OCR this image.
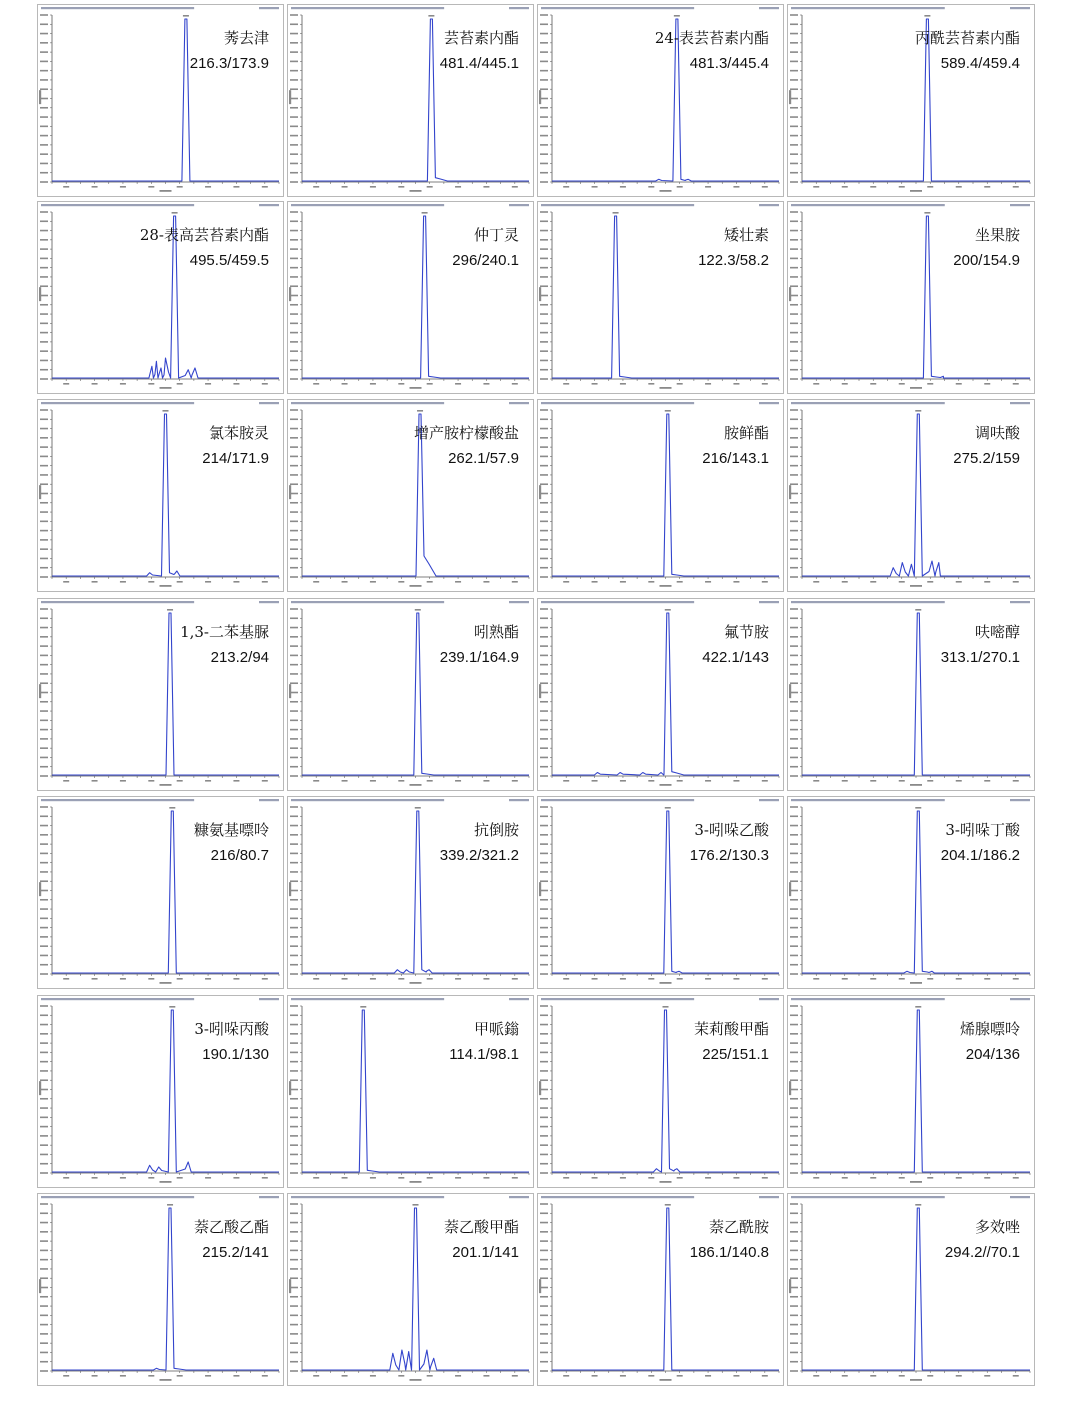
莠去津
216.3/173.9
芸苔素内酯
481.4/445.1
24-表芸苔素内酯
481.3/445.4
丙酰芸苔素内酯
589.4/459.4
28-表高芸苔素内酯
495.5/459.5
仲丁灵
296/240.1
矮壮素
122.3/58.2
坐果胺
200/154.9
氯苯胺灵
214/171.9
增产胺柠檬酸盐
262.1/57.9
胺鲜酯
216/143.1
调呋酸
275.2/159
1,3-二苯基脲
213.2/94
吲熟酯
239.1/164.9
氟节胺
422.1/143
呋嘧醇
313.1/270.1
糠氨基嘌呤
216/80.7
抗倒胺
339.2/321.2
3-吲哚乙酸
176.2/130.3
3-吲哚丁酸
204.1/186.2
3-吲哚丙酸
190.1/130
甲哌鎓
114.1/98.1
茉莉酸甲酯
225/151.1
烯腺嘌呤
204/136
萘乙酸乙酯
215.2/141
萘乙酸甲酯
201.1/141
萘乙酰胺
186.1/140.8
多效唑
294.2//70.1
